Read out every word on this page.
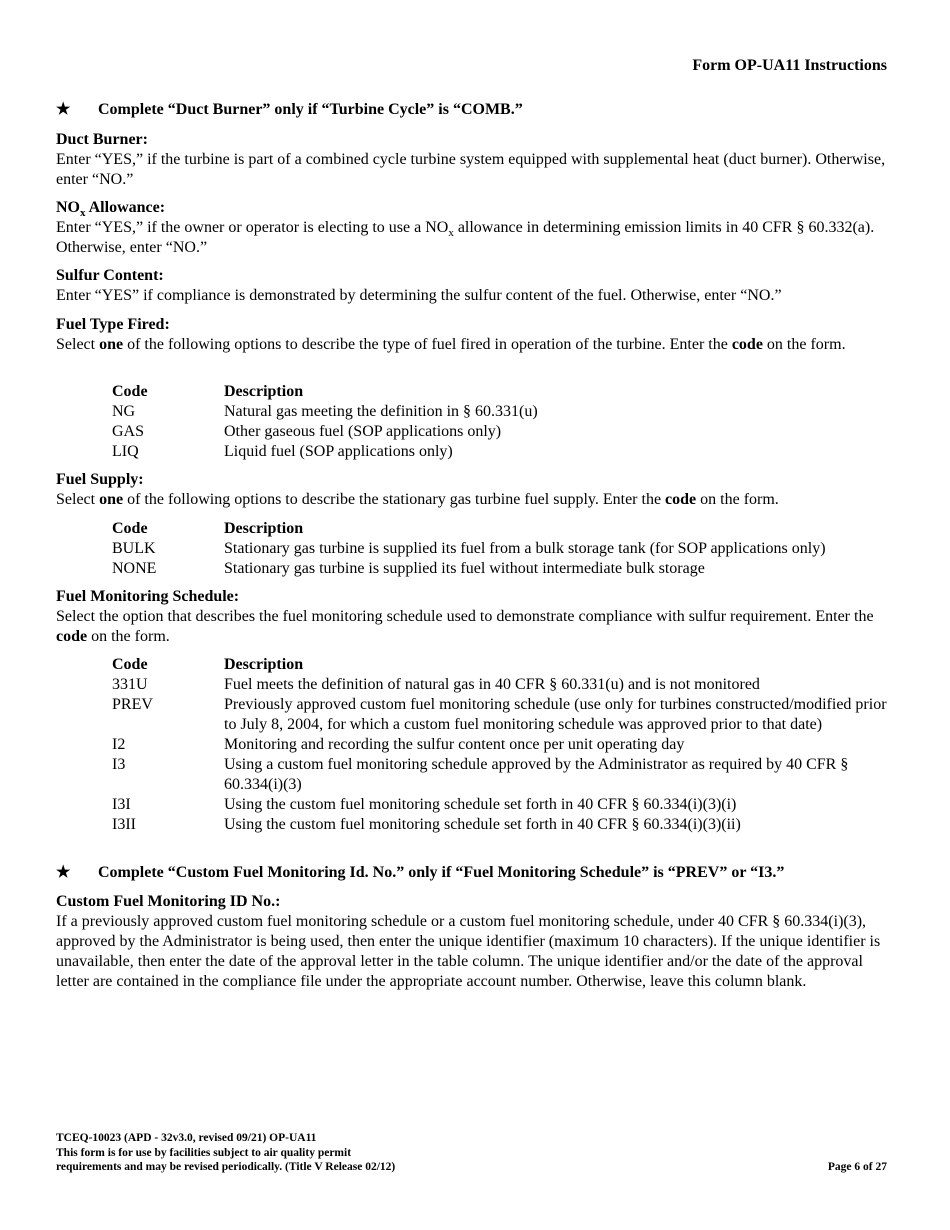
Form OP-UA11 Instructions
★ Complete “Duct Burner” only if “Turbine Cycle” is “COMB.”
Duct Burner:
Enter “YES,” if the turbine is part of a combined cycle turbine system equipped with supplemental heat (duct burner). Otherwise, enter “NO.”
$NO_x$ Allowance:
Enter “YES,” if the owner or operator is electing to use a $NO_x$ allowance in determining emission limits in 40 CFR § 60.332(a). Otherwise, enter “NO.”
Sulfur Content:
Enter “YES” if compliance is demonstrated by determining the sulfur content of the fuel. Otherwise, enter “NO.”
Fuel Type Fired:
Select one of the following options to describe the type of fuel fired in operation of the turbine. Enter the code on the form.
Code	Description
NG	Natural gas meeting the definition in § 60.331(u)
GAS	Other gaseous fuel (SOP applications only)
LIQ	Liquid fuel (SOP applications only)
Fuel Supply:
Select one of the following options to describe the stationary gas turbine fuel supply. Enter the code on the form.
Code	Description
BULK	Stationary gas turbine is supplied its fuel from a bulk storage tank (for SOP applications only)
NONE	Stationary gas turbine is supplied its fuel without intermediate bulk storage
Fuel Monitoring Schedule:
Select the option that describes the fuel monitoring schedule used to demonstrate compliance with sulfur requirement. Enter the code on the form.
Code	Description
331U	Fuel meets the definition of natural gas in 40 CFR § 60.331(u) and is not monitored
PREV	Previously approved custom fuel monitoring schedule (use only for turbines constructed/modified prior to July 8, 2004, for which a custom fuel monitoring schedule was approved prior to that date)
I2	Monitoring and recording the sulfur content once per unit operating day
I3	Using a custom fuel monitoring schedule approved by the Administrator as required by 40 CFR § 60.334(i)(3)
I3I	Using the custom fuel monitoring schedule set forth in 40 CFR § 60.334(i)(3)(i)
I3II	Using the custom fuel monitoring schedule set forth in 40 CFR § 60.334(i)(3)(ii)
★ Complete “Custom Fuel Monitoring Id. No.” only if “Fuel Monitoring Schedule” is “PREV” or “I3.”
Custom Fuel Monitoring ID No.:
If a previously approved custom fuel monitoring schedule or a custom fuel monitoring schedule, under 40 CFR § 60.334(i)(3), approved by the Administrator is being used, then enter the unique identifier (maximum 10 characters). If the unique identifier is unavailable, then enter the date of the approval letter in the table column. The unique identifier and/or the date of the approval letter are contained in the compliance file under the appropriate account number. Otherwise, leave this column blank.
TCEQ-10023 (APD - 32v3.0, revised 09/21) OP-UA11
This form is for use by facilities subject to air quality permit
requirements and may be revised periodically. (Title V Release 02/12)	Page 6 of 27
